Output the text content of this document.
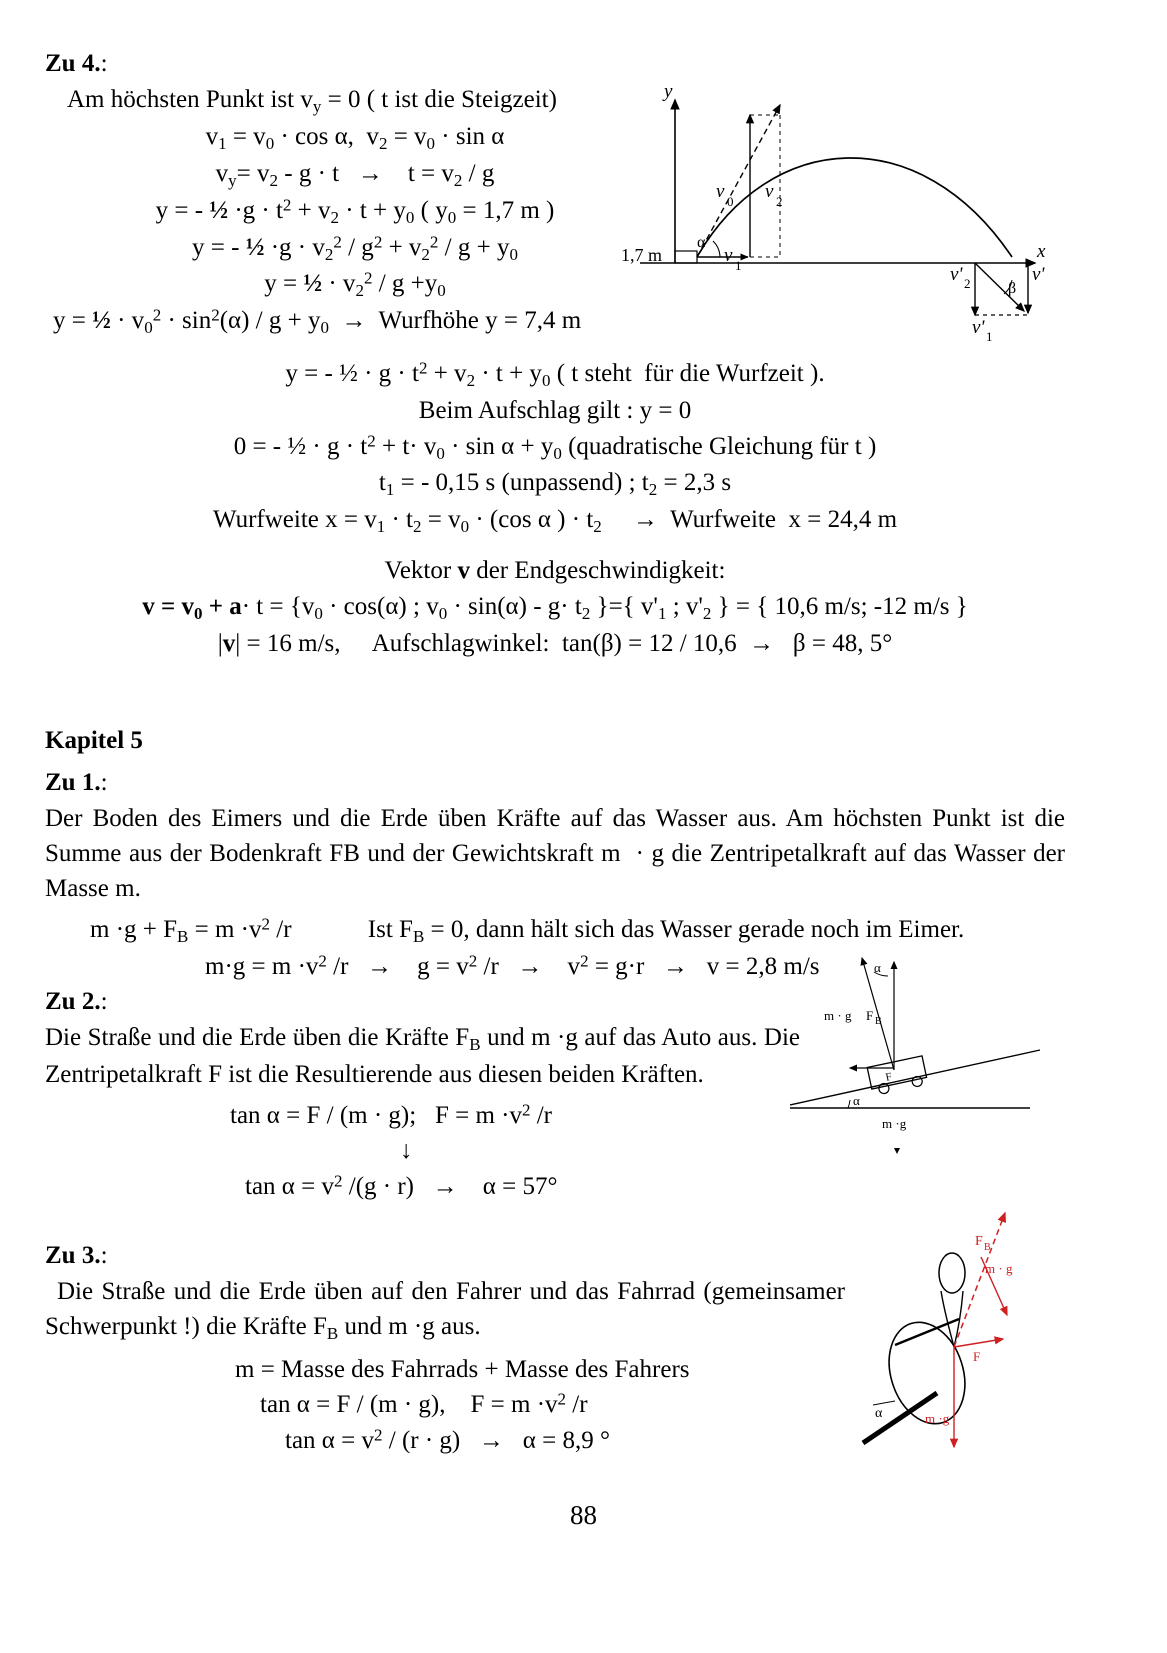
Zu 4.:
Am höchsten Punkt ist $v_y = 0$ ( t ist die Steigzeit)
$v_1 = v_0 \cdot \cos \alpha$,  $v_2 = v_0 \cdot \sin \alpha$
$v_y= v_2 - g \cdot t$   →    $t = v_2 / g$
y = - ½ $\cdot g \cdot t^2 + v_2 \cdot t + y_0$ ( $y_0 = 1,7$ m )
y = - ½ $\cdot g \cdot v_2^2 / g^2 + v_2^2 / g + y_0$
y = ½ · $v_2^2 / g +y_0$
y = ½ · $v_0^2 \cdot \sin^2(\alpha) / g + y_0$  →  Wurfhöhe y = 7,4 m
y = - ½ · $g \cdot t^2 + v_2 \cdot t + y_0$ ( t steht  für die Wurfzeit ).
Beim Aufschlag gilt : y = 0
0 = - ½ · $g \cdot t^2 + t\cdot v_0 \cdot \sin \alpha + y_0$ (quadratische Gleichung für t )
$t_1$ = - 0,15 s (unpassend) ; $t_2 = 2,3$ s
Wurfweite $x = v_1 \cdot t_2 = v_0 \cdot (\cos$ α ) · $t_2$     →  Wurfweite  x = 24,4 m
Vektor v der Endgeschwindigkeit:
$v = v_0 + a\cdot t = \{v_0 \cdot \cos(\alpha)$ ; $v_0 \cdot \sin(\alpha) - g\cdot t_2$ }={ $v'_1$ ; $v'_2$ } = { 10,6 m/s; -12 m/s }
|v| = 16 m/s,     Aufschlagwinkel:  tan(β) = 12 / 10,6  →   β = 48, 5°
Kapitel 5
Zu 1.:
Der Boden des Eimers und die Erde üben Kräfte auf das Wasser aus. Am höchsten Punkt ist die Summe aus der Bodenkraft FB und der Gewichtskraft m  · g die Zentripetalkraft auf das Wasser der Masse m.
$m \cdot g + F_B = m \cdot v^2$ /r	Ist $F_B = 0$, dann hält sich das Wasser gerade noch im Eimer.
$m\cdot g = m \cdot v^2$ /r   →    $g = v^2$ /r   →    $v^2 = g\cdot r \to v = 2,8$ m/s
Zu 2.:
Die Straße und die Erde üben die Kräfte $F_B$ und m ·g auf das Auto aus. Die Zentripetalkraft F ist die Resultierende aus diesen beiden Kräften.
tan α = F / (m · g);   $F = m \cdot v^2$ /r
↓
$\tan \alpha = v^2$ /(g · r)   →    α = 57°
Zu 3.:
Die Straße und die Erde üben auf den Fahrer und das Fahrrad (gemeinsamer Schwerpunkt !) die Kräfte $F_B$ und m ·g aus.
m = Masse des Fahrrads + Masse des Fahrers
tan α = F / (m · g),    $F = m \cdot v^2$ /r
$\tan \alpha = v^2 / (r \cdot g) \to \alpha = 8,9$ °
y
x
1,7 m
α
v 0
v 1
v 2
β
v' 2	v'
v' 1
α
F
α
m · g F B
m ·g
F B
m · g
F
m ·g
α
88
